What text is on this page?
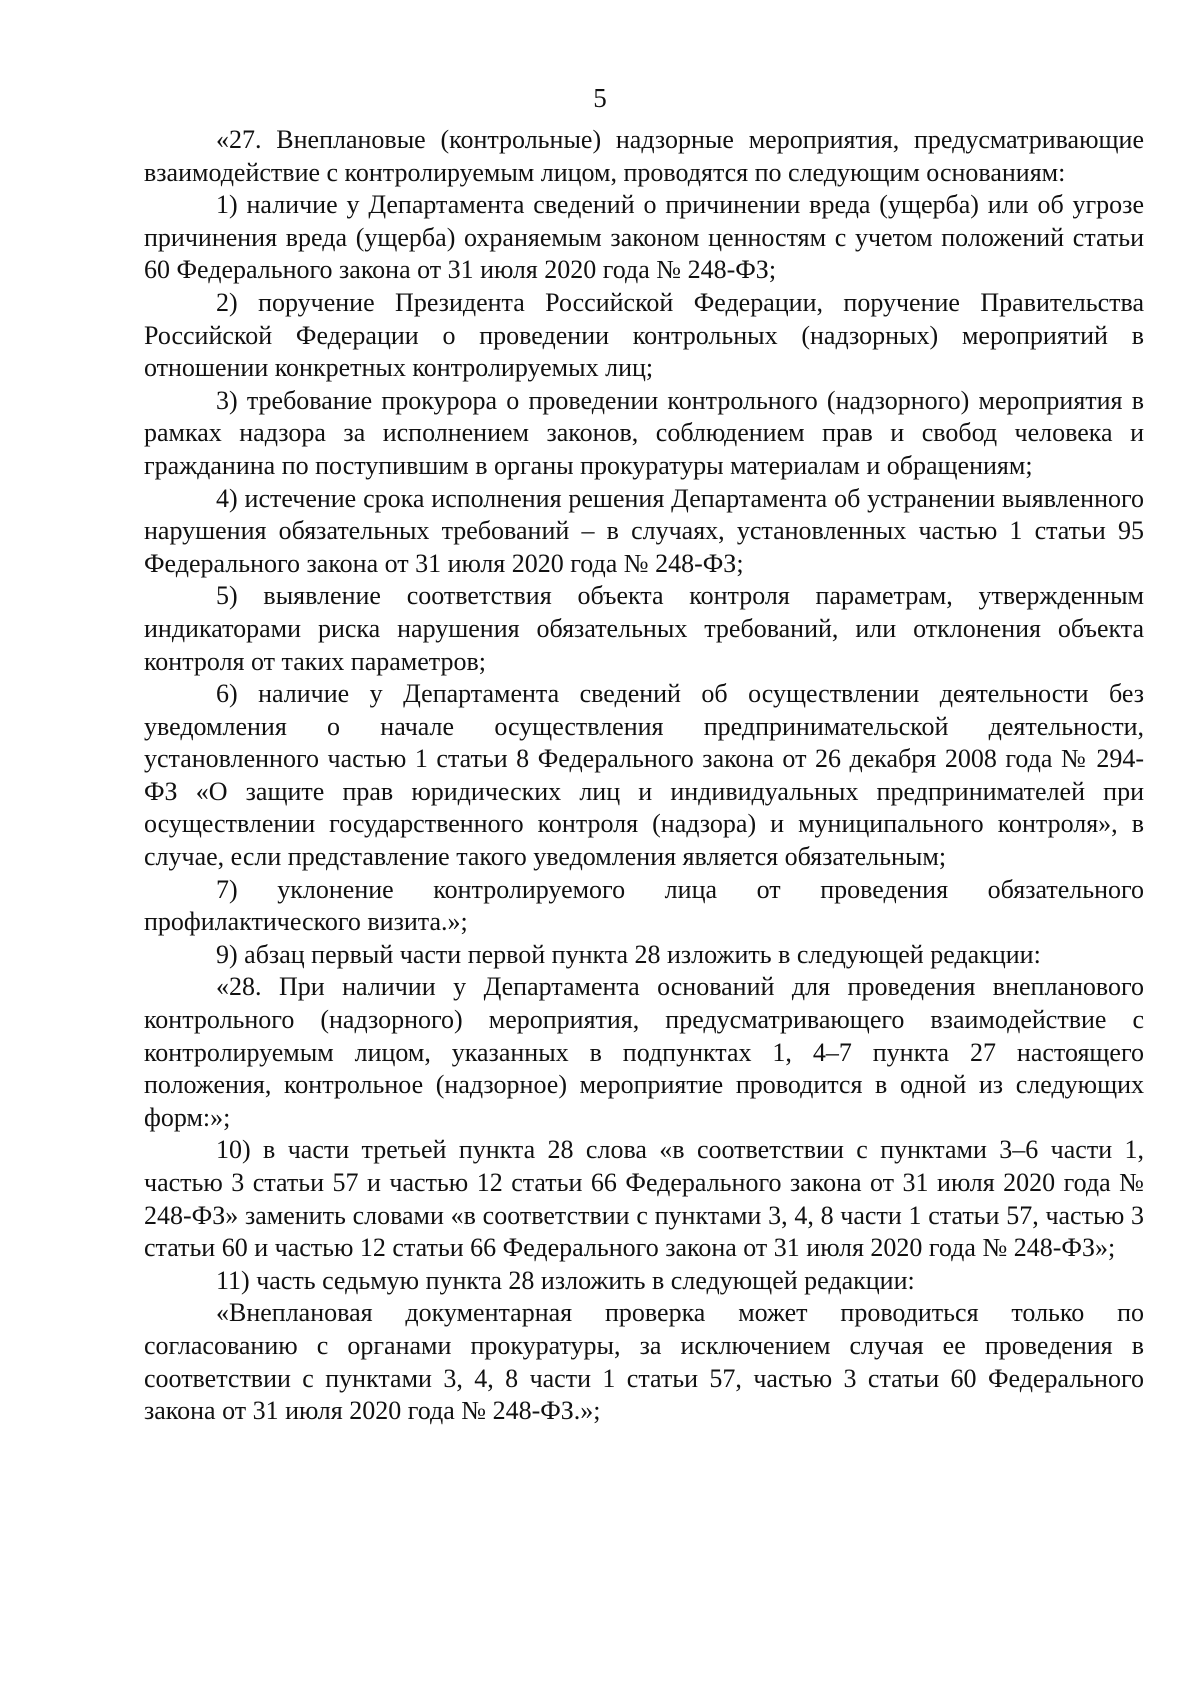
5

«27. Внеплановые (контрольные) надзорные мероприятия, предусматривающие взаимодействие с контролируемым лицом, проводятся по следующим основаниям:

1) наличие у Департамента сведений о причинении вреда (ущерба) или об угрозе причинения вреда (ущерба) охраняемым законом ценностям с учетом положений статьи 60 Федерального закона от 31 июля 2020 года № 248-ФЗ;

2) поручение Президента Российской Федерации, поручение Правительства Российской Федерации о проведении контрольных (надзорных) мероприятий в отношении конкретных контролируемых лиц;

3) требование прокурора о проведении контрольного (надзорного) мероприятия в рамках надзора за исполнением законов, соблюдением прав и свобод человека и гражданина по поступившим в органы прокуратуры материалам и обращениям;

4) истечение срока исполнения решения Департамента об устранении выявленного нарушения обязательных требований – в случаях, установленных частью 1 статьи 95 Федерального закона от 31 июля 2020 года № 248-ФЗ;

5) выявление соответствия объекта контроля параметрам, утвержденным индикаторами риска нарушения обязательных требований, или отклонения объекта контроля от таких параметров;

6) наличие у Департамента сведений об осуществлении деятельности без уведомления о начале осуществления предпринимательской деятельности, установленного частью 1 статьи 8 Федерального закона от 26 декабря 2008 года № 294-ФЗ «О защите прав юридических лиц и индивидуальных предпринимателей при осуществлении государственного контроля (надзора) и муниципального контроля», в случае, если представление такого уведомления является обязательным;

7) уклонение контролируемого лица от проведения обязательного профилактического визита.»;

9) абзац первый части первой пункта 28 изложить в следующей редакции:

«28. При наличии у Департамента оснований для проведения внепланового контрольного (надзорного) мероприятия, предусматривающего взаимодействие с контролируемым лицом, указанных в подпунктах 1, 4–7 пункта 27 настоящего положения, контрольное (надзорное) мероприятие проводится в одной из следующих форм:»;

10) в части третьей пункта 28 слова «в соответствии с пунктами 3–6 части 1, частью 3 статьи 57 и частью 12 статьи 66 Федерального закона от 31 июля 2020 года № 248-ФЗ» заменить словами «в соответствии с пунктами 3, 4, 8 части 1 статьи 57, частью 3 статьи 60 и частью 12 статьи 66 Федерального закона от 31 июля 2020 года № 248-ФЗ»;

11) часть седьмую пункта 28 изложить в следующей редакции:

«Внеплановая документарная проверка может проводиться только по согласованию с органами прокуратуры, за исключением случая ее проведения в соответствии с пунктами 3, 4, 8 части 1 статьи 57, частью 3 статьи 60 Федерального закона от 31 июля 2020 года № 248-ФЗ.»;
